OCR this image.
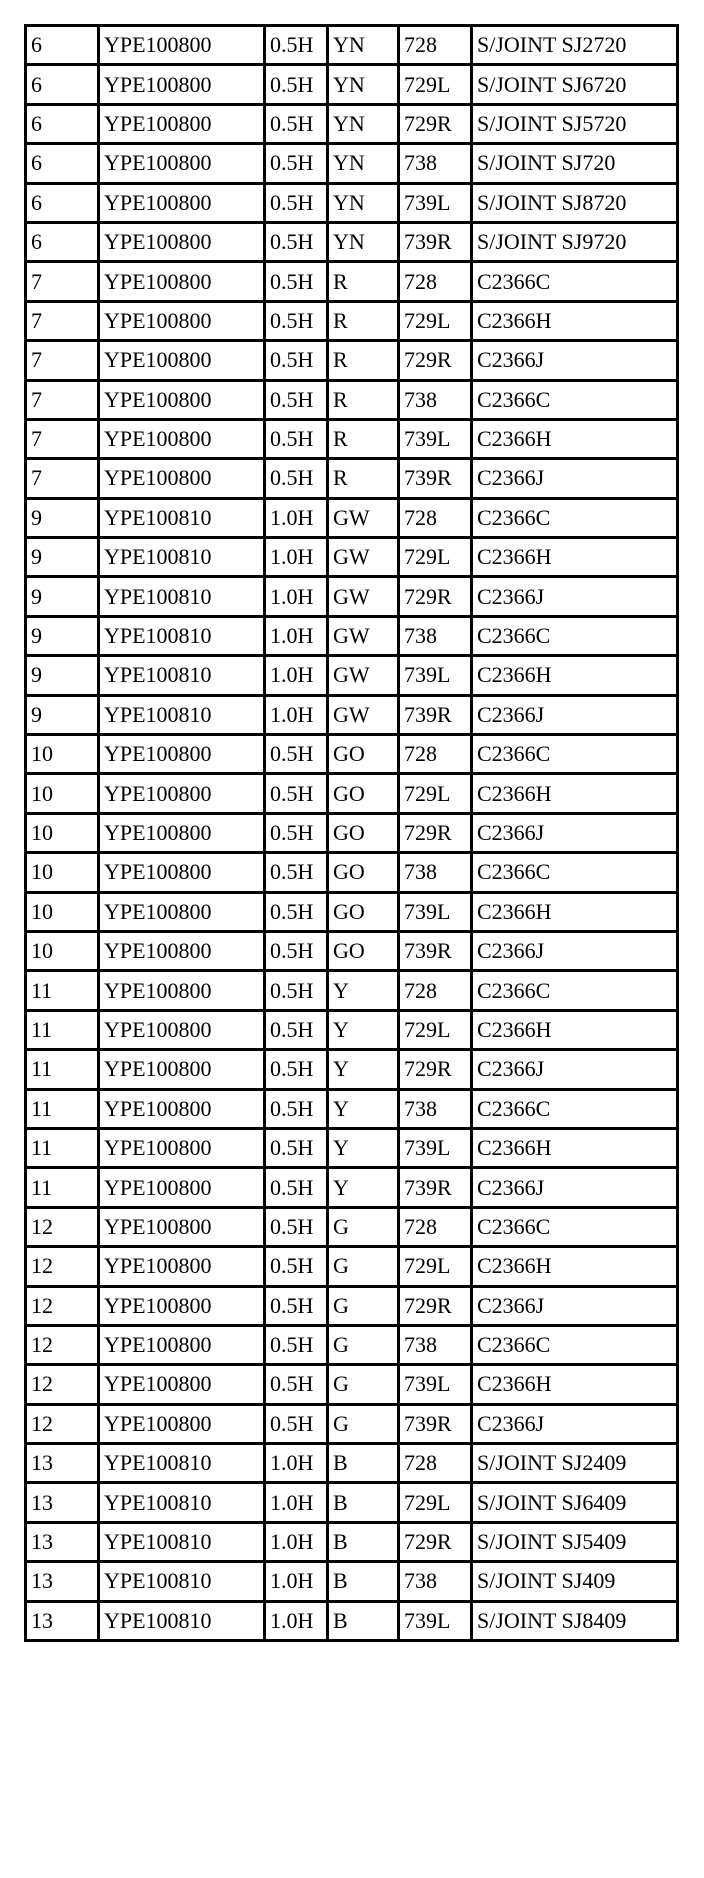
6	YPE100800	0.5H	YN	728	S/JOINT SJ2720
6	YPE100800	0.5H	YN	729L	S/JOINT SJ6720
6	YPE100800	0.5H	YN	729R	S/JOINT SJ5720
6	YPE100800	0.5H	YN	738	S/JOINT SJ720
6	YPE100800	0.5H	YN	739L	S/JOINT SJ8720
6	YPE100800	0.5H	YN	739R	S/JOINT SJ9720
7	YPE100800	0.5H	R	728	C2366C
7	YPE100800	0.5H	R	729L	C2366H
7	YPE100800	0.5H	R	729R	C2366J
7	YPE100800	0.5H	R	738	C2366C
7	YPE100800	0.5H	R	739L	C2366H
7	YPE100800	0.5H	R	739R	C2366J
9	YPE100810	1.0H	GW	728	C2366C
9	YPE100810	1.0H	GW	729L	C2366H
9	YPE100810	1.0H	GW	729R	C2366J
9	YPE100810	1.0H	GW	738	C2366C
9	YPE100810	1.0H	GW	739L	C2366H
9	YPE100810	1.0H	GW	739R	C2366J
10	YPE100800	0.5H	GO	728	C2366C
10	YPE100800	0.5H	GO	729L	C2366H
10	YPE100800	0.5H	GO	729R	C2366J
10	YPE100800	0.5H	GO	738	C2366C
10	YPE100800	0.5H	GO	739L	C2366H
10	YPE100800	0.5H	GO	739R	C2366J
11	YPE100800	0.5H	Y	728	C2366C
11	YPE100800	0.5H	Y	729L	C2366H
11	YPE100800	0.5H	Y	729R	C2366J
11	YPE100800	0.5H	Y	738	C2366C
11	YPE100800	0.5H	Y	739L	C2366H
11	YPE100800	0.5H	Y	739R	C2366J
12	YPE100800	0.5H	G	728	C2366C
12	YPE100800	0.5H	G	729L	C2366H
12	YPE100800	0.5H	G	729R	C2366J
12	YPE100800	0.5H	G	738	C2366C
12	YPE100800	0.5H	G	739L	C2366H
12	YPE100800	0.5H	G	739R	C2366J
13	YPE100810	1.0H	B	728	S/JOINT SJ2409
13	YPE100810	1.0H	B	729L	S/JOINT SJ6409
13	YPE100810	1.0H	B	729R	S/JOINT SJ5409
13	YPE100810	1.0H	B	738	S/JOINT SJ409
13	YPE100810	1.0H	B	739L	S/JOINT SJ8409
